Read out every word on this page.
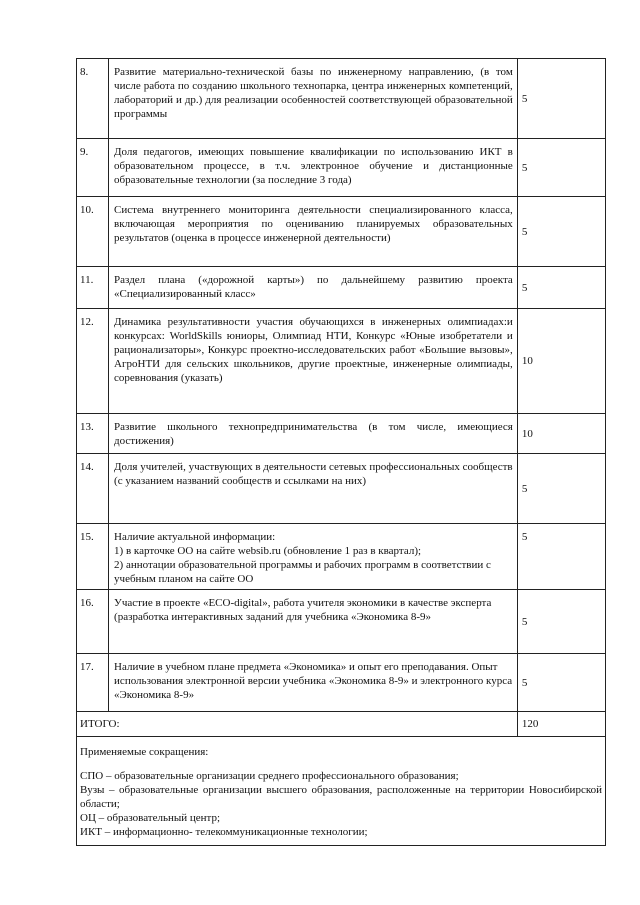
8.	Развитие материально-технической базы по инженерному направлению, (в том числе работа по созданию школьного технопарка, центра инженерных компетенций, лабораторий и др.) для реализации особенностей соответствующей образовательной программы	5
9.	Доля педагогов, имеющих повышение квалификации по использованию ИКТ в образовательном процессе, в т.ч. электронное обучение и дистанционные образовательные технологии (за последние 3 года)	5
10.	Система внутреннего мониторинга деятельности специализированного класса, включающая мероприятия по оцениванию планируемых образовательных результатов (оценка в процессе инженерной деятельности)	5
11.	Раздел плана («дорожной карты») по дальнейшему развитию проекта «Специализированный класс»	5
12.	Динамика результативности участия обучающихся в инженерных олимпиадах:и конкурсах: WorldSkills юниоры, Олимпиад НТИ, Конкурс «Юные изобретатели и рационализаторы», Конкурс проектно-исследовательских работ «Большие вызовы», АгроНТИ для сельских школьников, другие проектные, инженерные олимпиады, соревнования (указать)	10
13.	Развитие школьного технопредпринимательства (в том числе, имеющиеся достижения)	10
14.	Доля учителей, участвующих в деятельности сетевых профессиональных сообществ (с указанием названий сообществ и ссылками на них)	5
15.	Наличие актуальной информации:
1) в карточке ОО на сайте websib.ru (обновление 1 раз в квартал);
2) аннотации образовательной программы и рабочих программ в соответствии с учебным планом на сайте ОО	5
16.	Участие в проекте «ECO-digital», работа учителя экономики в качестве эксперта (разработка интерактивных заданий для учебника «Экономика 8-9»	5
17.	Наличие в учебном плане предмета «Экономика» и опыт его преподавания. Опыт использования электронной версии учебника «Экономика 8-9» и электронного курса «Экономика 8-9»	5
ИТОГО:		120

Применяемые сокращения:
СПО – образовательные организации среднего профессионального образования;
Вузы – образовательные организации высшего образования, расположенные на территории Новосибирской области;
ОЦ – образовательный центр;
ИКТ – информационно- телекоммуникационные технологии;		
